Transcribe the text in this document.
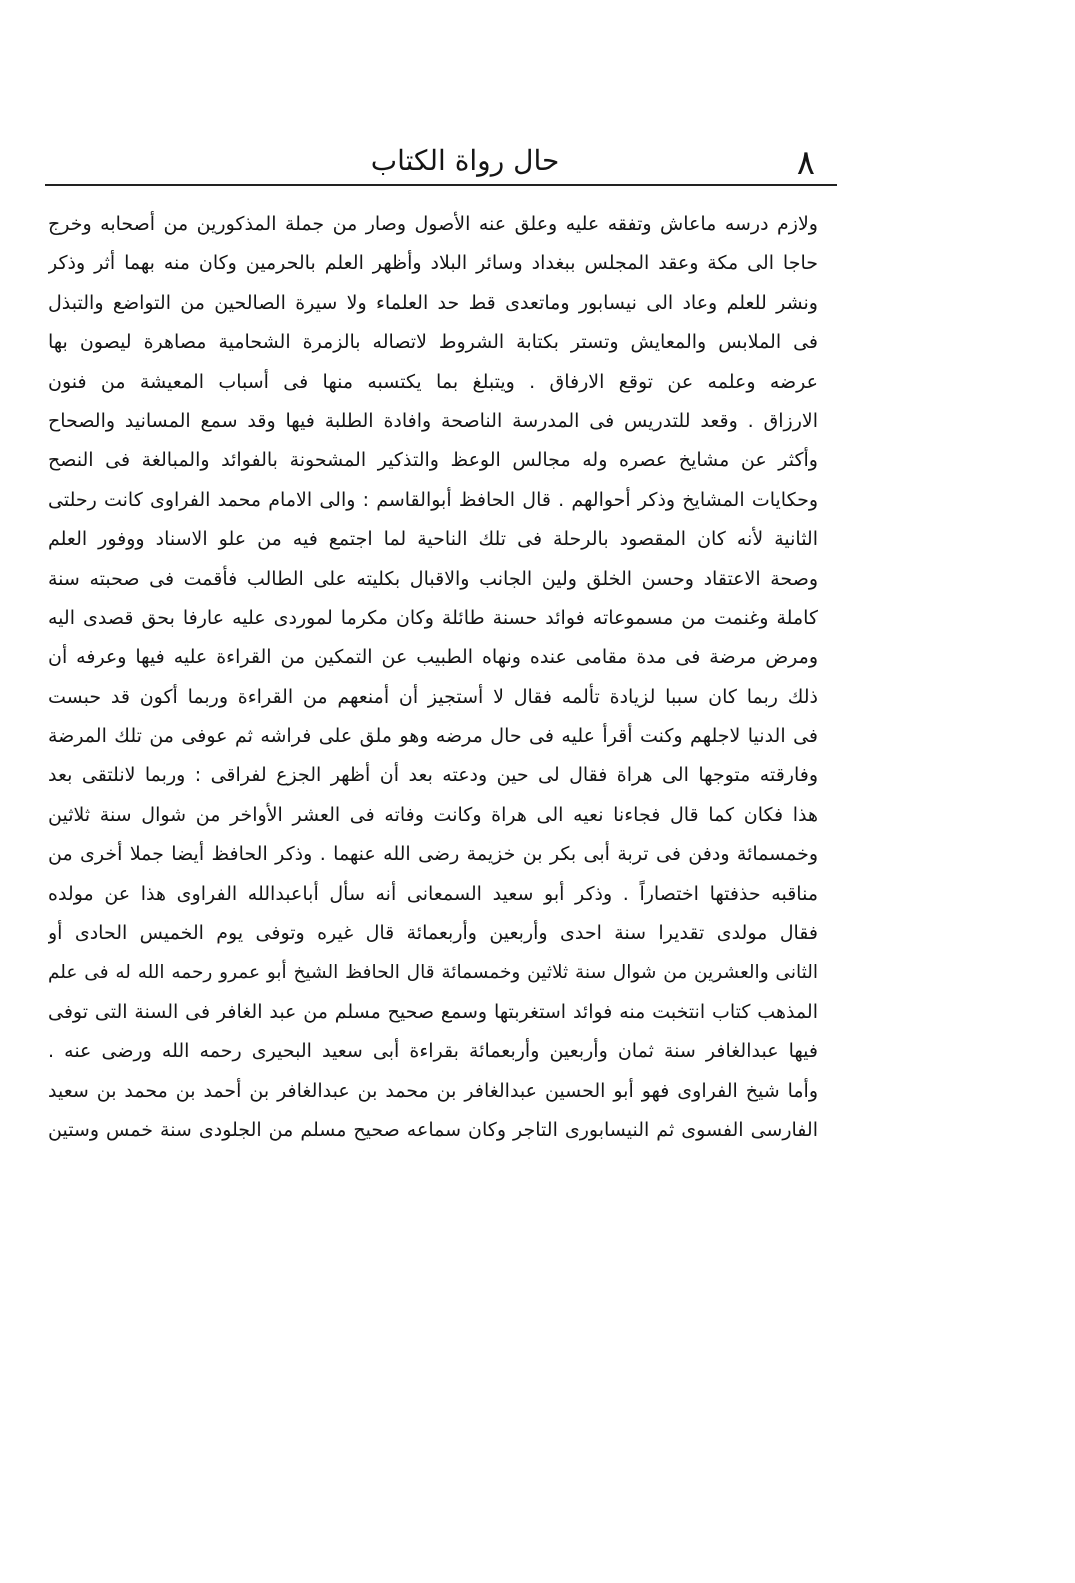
٨
حال رواة الكتاب
ولازم درسه ماعاش وتفقه عليه وعلق عنه الأصول وصار من جملة المذكورين من أصحابه وخرج
حاجا الى مكة وعقد المجلس ببغداد وسائر البلاد وأظهر العلم بالحرمين وكان منه بهما أثر وذكر
ونشر للعلم وعاد الى نيسابور وماتعدى قط حد العلماء ولا سيرة الصالحين من التواضع والتبذل
فى الملابس والمعايش وتستر بكتابة الشروط لاتصاله بالزمرة الشحامية مصاهرة ليصون بها
عرضه وعلمه عن توقع الارفاق . ويتبلغ بما يكتسبه منها فى أسباب المعيشة من فنون
الارزاق . وقعد للتدريس فى المدرسة الناصحة وافادة الطلبة فيها وقد سمع المسانيد والصحاح
وأكثر عن مشايخ عصره وله مجالس الوعظ والتذكير المشحونة بالفوائد والمبالغة فى النصح
وحكايات المشايخ وذكر أحوالهم . قال الحافظ أبوالقاسم : والى الامام محمد الفراوى كانت رحلتى
الثانية لأنه كان المقصود بالرحلة فى تلك الناحية لما اجتمع فيه من علو الاسناد ووفور العلم
وصحة الاعتقاد وحسن الخلق ولين الجانب والاقبال بكليته على الطالب فأقمت فى صحبته سنة
كاملة وغنمت من مسموعاته فوائد حسنة طائلة وكان مكرما لموردى عليه عارفا بحق قصدى اليه
ومرض مرضة فى مدة مقامى عنده ونهاه الطبيب عن التمكين من القراءة عليه فيها وعرفه أن
ذلك ربما كان سببا لزيادة تألمه فقال لا أستجيز أن أمنعهم من القراءة وربما أكون قد حبست
فى الدنيا لاجلهم وكنت أقرأ عليه فى حال مرضه وهو ملق على فراشه ثم عوفى من تلك المرضة
وفارقته متوجها الى هراة فقال لى حين ودعته بعد أن أظهر الجزع لفراقى : وربما لانلتقى بعد
هذا فكان كما قال فجاءنا نعيه الى هراة وكانت وفاته فى العشر الأواخر من شوال سنة ثلاثين
وخمسمائة ودفن فى تربة أبى بكر بن خزيمة رضى الله عنهما . وذكر الحافظ أيضا جملا أخرى من
مناقبه حذفتها اختصاراً . وذكر أبو سعيد السمعانى أنه سأل أباعبدالله الفراوى هذا عن مولده
فقال مولدى تقديرا سنة احدى وأربعين وأربعمائة قال غيره وتوفى يوم الخميس الحادى أو
الثانى والعشرين من شوال سنة ثلاثين وخمسمائة قال الحافظ الشيخ أبو عمرو رحمه الله له فى علم
المذهب كتاب انتخبت منه فوائد استغربتها وسمع صحيح مسلم من عبد الغافر فى السنة التى توفى
فيها عبدالغافر سنة ثمان وأربعين وأربعمائة بقراءة أبى سعيد البحيرى رحمه الله ورضى عنه .
وأما شيخ الفراوى فهو أبو الحسين عبدالغافر بن محمد بن عبدالغافر بن أحمد بن محمد بن سعيد
الفارسى الفسوى ثم النيسابورى التاجر وكان سماعه صحيح مسلم من الجلودى سنة خمس وستين
